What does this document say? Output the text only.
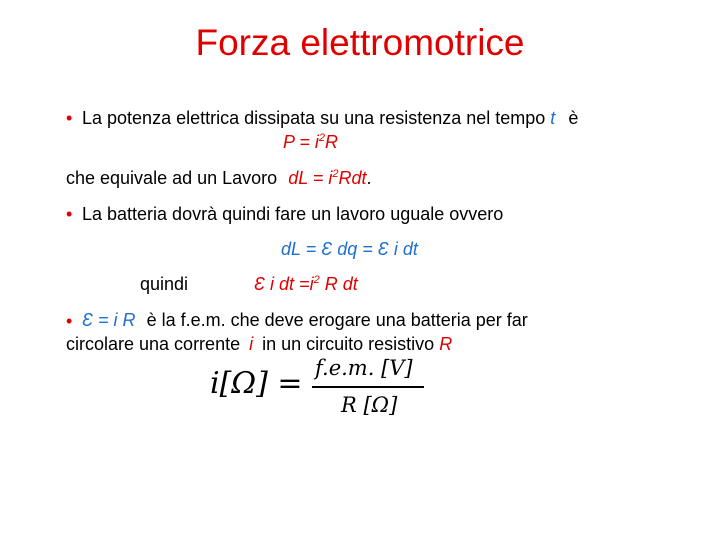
Forza elettromotrice
• La potenza elettrica dissipata su una resistenza nel tempo t è
$P = i^2R$
che equivale ad un Lavoro dL = $i^2Rdt$.
• La batteria dovrà quindi fare un lavoro uguale ovvero
dL = Ɛ dq = Ɛ i dt
quindi	Ɛ i dt $=i^2$ R dt
• Ɛ = i R è la f.e.m. che deve erogare una batteria per far
circolare una corrente i in un circuito resistivo R
i[Ω] = f.e.m. [V]
R [Ω]
